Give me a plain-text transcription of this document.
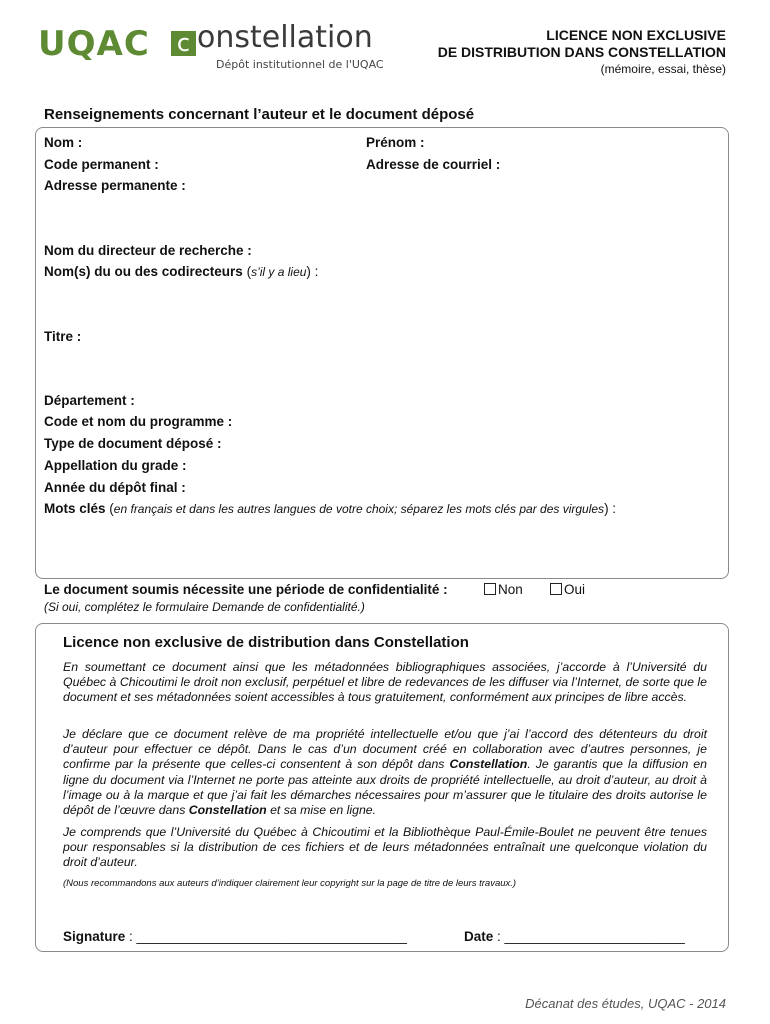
UQAC c onstellation
Dépôt institutionnel de l'UQAC
LICENCE NON EXCLUSIVE
DE DISTRIBUTION DANS CONSTELLATION
(mémoire, essai, thèse)
Renseignements concernant l’auteur et le document déposé
Nom :	Prénom :
Code permanent :	Adresse de courriel :
Adresse permanente :
Nom du directeur de recherche :
Nom(s) du ou des codirecteurs (s’il y a lieu) :
Titre :
Département :
Code et nom du programme :
Type de document déposé :
Appellation du grade :
Année du dépôt final :
Mots clés (en français et dans les autres langues de votre choix; séparez les mots clés par des virgules) :
Le document soumis nécessite une période de confidentialité :	Non	Oui
(Si oui, complétez le formulaire Demande de confidentialité.)
Licence non exclusive de distribution dans Constellation
En soumettant ce document ainsi que les métadonnées bibliographiques associées, j’accorde à l’Université du Québec à Chicoutimi le droit non exclusif, perpétuel et libre de redevances de les diffuser via l’Internet, de sorte que le document et ses métadonnées soient accessibles à tous gratuitement, conformément aux principes de libre accès.
Je déclare que ce document relève de ma propriété intellectuelle et/ou que j’ai l’accord des détenteurs du droit d’auteur pour effectuer ce dépôt. Dans le cas d’un document créé en collaboration avec d’autres personnes, je confirme par la présente que celles-ci consentent à son dépôt dans Constellation. Je garantis que la diffusion en ligne du document via l’Internet ne porte pas atteinte aux droits de propriété intellectuelle, au droit d’auteur, au droit à l’image ou à la marque et que j’ai fait les démarches nécessaires pour m’assurer que le titulaire des droits autorise le dépôt de l’œuvre dans Constellation et sa mise en ligne.
Je comprends que l’Université du Québec à Chicoutimi et la Bibliothèque Paul-Émile-Boulet ne peuvent être tenues pour responsables si la distribution de ces fichiers et de leurs métadonnées entraînait une quelconque violation du droit d’auteur.
(Nous recommandons aux auteurs d’indiquer clairement leur copyright sur la page de titre de leurs travaux.)
Signature : ____________________________________	Date : ________________________
Décanat des études, UQAC - 2014
